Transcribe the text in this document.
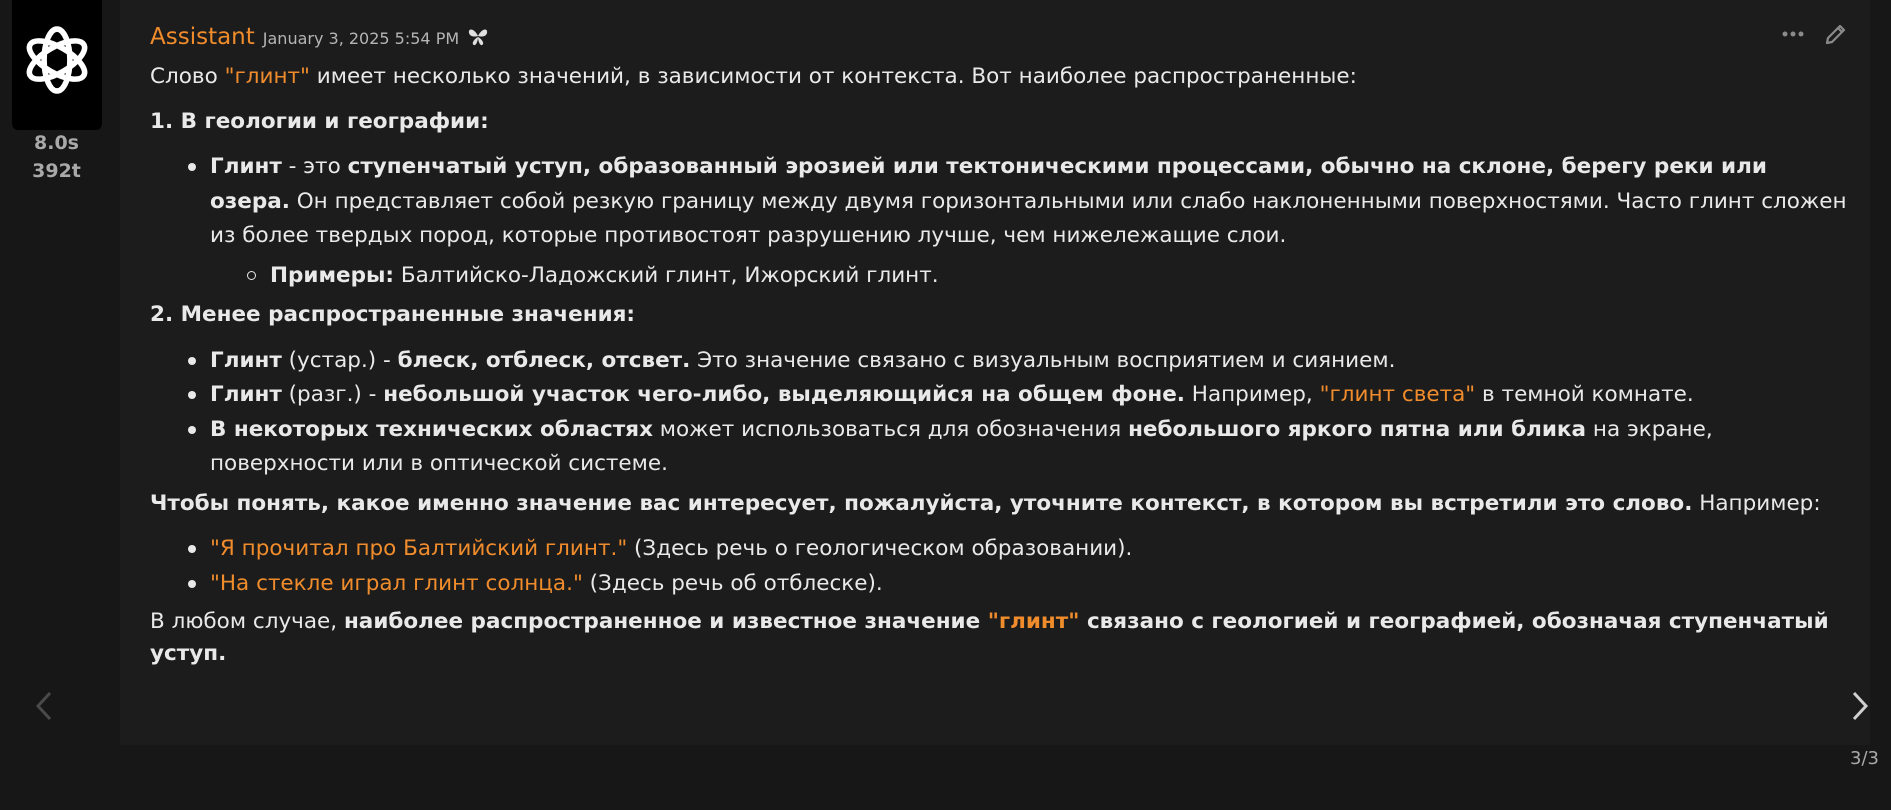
8.0s
392t
Assistant January 3, 2025 5:54 PM

Слово "глинт" имеет несколько значений, в зависимости от контекста. Вот наиболее распространенные:

1. В геологии и географии:

Глинт - это ступенчатый уступ, образованный эрозией или тектоническими процессами, обычно на склоне, берегу реки или озера. Он представляет собой резкую границу между двумя горизонтальными или слабо наклоненными поверхностями. Часто глинт сложен из более твердых пород, которые противостоят разрушению лучше, чем нижележащие слои.
Примеры: Балтийско-Ладожский глинт, Ижорский глинт.

2. Менее распространенные значения:

Глинт (устар.) - блеск, отблеск, отсвет. Это значение связано с визуальным восприятием и сиянием.
Глинт (разг.) - небольшой участок чего-либо, выделяющийся на общем фоне. Например, "глинт света" в темной комнате.
В некоторых технических областях может использоваться для обозначения небольшого яркого пятна или блика на экране, поверхности или в оптической системе.

Чтобы понять, какое именно значение вас интересует, пожалуйста, уточните контекст, в котором вы встретили это слово. Например:

"Я прочитал про Балтийский глинт." (Здесь речь о геологическом образовании).
"На стекле играл глинт солнца." (Здесь речь об отблеске).

В любом случае, наиболее распространенное и известное значение "глинт" связано с геологией и географией, обозначая ступенчатый уступ.

3/3
